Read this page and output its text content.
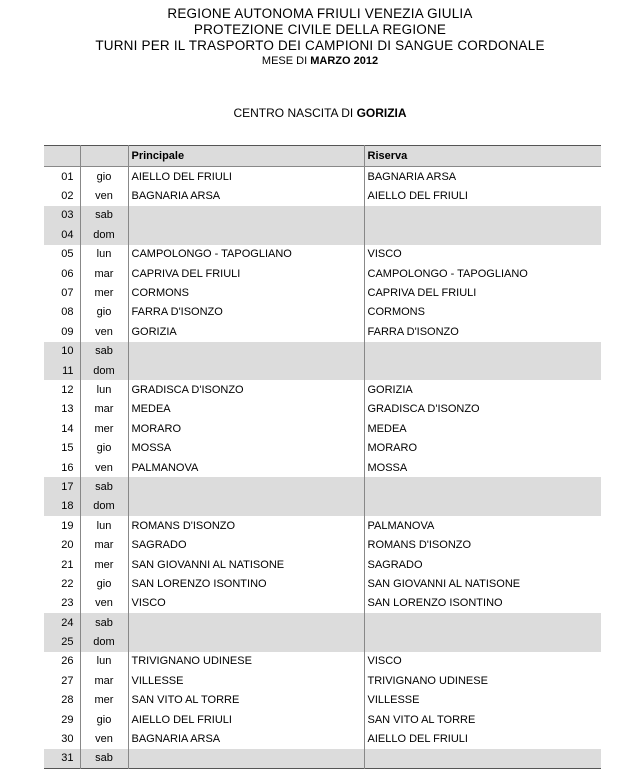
REGIONE AUTONOMA FRIULI VENEZIA GIULIA
PROTEZIONE CIVILE DELLA REGIONE
TURNI PER IL TRASPORTO DEI CAMPIONI DI SANGUE CORDONALE
MESE DI MARZO 2012
CENTRO NASCITA DI GORIZIA
		Principale	Riserva
01	gio	AIELLO DEL FRIULI	BAGNARIA ARSA
02	ven	BAGNARIA ARSA	AIELLO DEL FRIULI
03	sab		
04	dom		
05	lun	CAMPOLONGO - TAPOGLIANO	VISCO
06	mar	CAPRIVA DEL FRIULI	CAMPOLONGO - TAPOGLIANO
07	mer	CORMONS	CAPRIVA DEL FRIULI
08	gio	FARRA D'ISONZO	CORMONS
09	ven	GORIZIA	FARRA D'ISONZO
10	sab		
11	dom		
12	lun	GRADISCA D'ISONZO	GORIZIA
13	mar	MEDEA	GRADISCA D'ISONZO
14	mer	MORARO	MEDEA
15	gio	MOSSA	MORARO
16	ven	PALMANOVA	MOSSA
17	sab		
18	dom		
19	lun	ROMANS D'ISONZO	PALMANOVA
20	mar	SAGRADO	ROMANS D'ISONZO
21	mer	SAN GIOVANNI AL NATISONE	SAGRADO
22	gio	SAN LORENZO ISONTINO	SAN GIOVANNI AL NATISONE
23	ven	VISCO	SAN LORENZO ISONTINO
24	sab		
25	dom		
26	lun	TRIVIGNANO UDINESE	VISCO
27	mar	VILLESSE	TRIVIGNANO UDINESE
28	mer	SAN VITO AL TORRE	VILLESSE
29	gio	AIELLO DEL FRIULI	SAN VITO AL TORRE
30	ven	BAGNARIA ARSA	AIELLO DEL FRIULI
31	sab		
